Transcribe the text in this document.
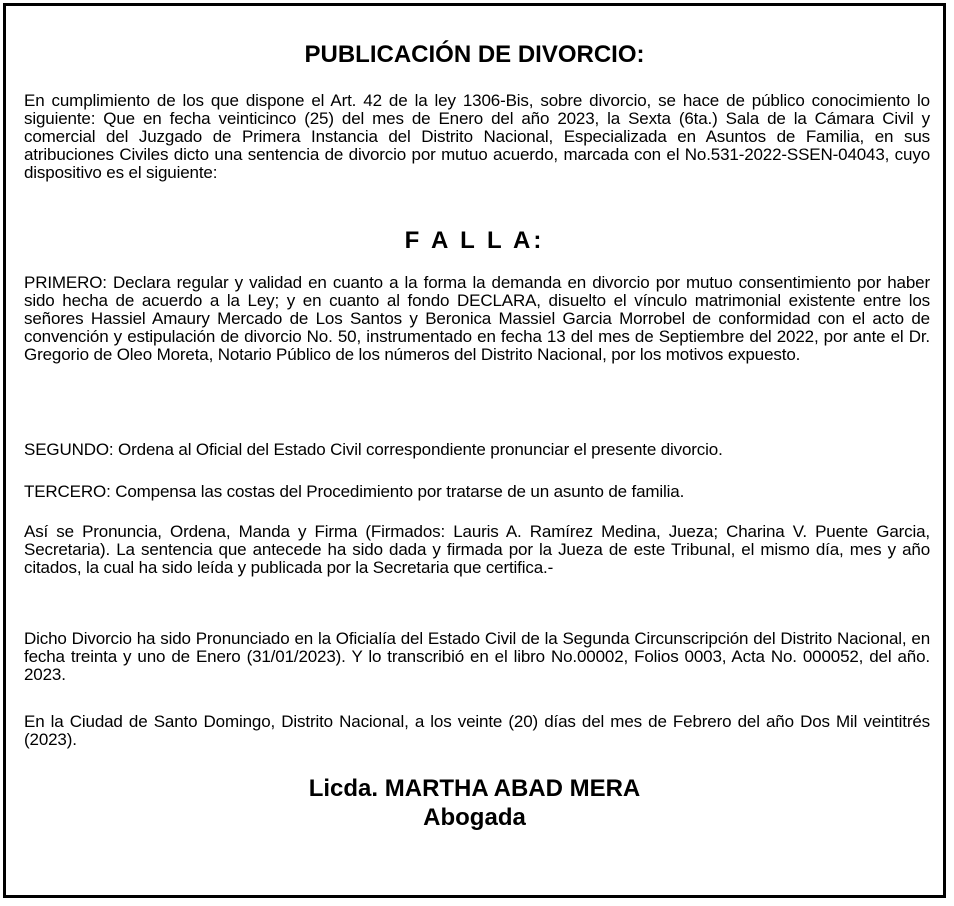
PUBLICACIÓN DE DIVORCIO:

En cumplimiento de los que dispone el Art. 42 de la ley 1306-Bis, sobre divorcio, se hace de público conocimiento lo siguiente: Que en fecha veinticinco (25) del mes de Enero del año 2023, la Sexta (6ta.) Sala de la Cámara Civil y comercial del Juzgado de Primera Instancia del Distrito Nacional, Especializada en Asuntos de Familia, en sus atribuciones Civiles dicto una sentencia de divorcio por mutuo acuerdo, marcada con el No.531-2022-SSEN-04043, cuyo dispositivo es el siguiente:

F A L L A:

PRIMERO: Declara regular y validad en cuanto a la forma la demanda en divorcio por mutuo consentimiento por haber sido hecha de acuerdo a la Ley; y en cuanto al fondo DECLARA, disuelto el vínculo matrimonial existente entre los señores Hassiel Amaury Mercado de Los Santos y Beronica Massiel Garcia Morrobel de conformidad con el acto de convención y estipulación de divorcio No. 50, instrumentado en fecha 13 del mes de Septiembre del 2022, por ante el Dr. Gregorio de Oleo Moreta, Notario Público de los números del Distrito Nacional, por los motivos expuesto.

SEGUNDO: Ordena al Oficial del Estado Civil correspondiente pronunciar el presente divorcio.

TERCERO: Compensa las costas del Procedimiento por tratarse de un asunto de familia.

Así se Pronuncia, Ordena, Manda y Firma (Firmados: Lauris A. Ramírez Medina, Jueza; Charina V. Puente Garcia, Secretaria). La sentencia que antecede ha sido dada y firmada por la Jueza de este Tribunal, el mismo día, mes y año citados, la cual ha sido leída y publicada por la Secretaria que certifica.-

Dicho Divorcio ha sido Pronunciado en la Oficialía del Estado Civil de la Segunda Circunscripción del Distrito Nacional, en fecha treinta y uno de Enero (31/01/2023). Y lo transcribió en el libro No.00002, Folios 0003, Acta No. 000052, del año. 2023.

En la Ciudad de Santo Domingo, Distrito Nacional, a los veinte (20) días del mes de Febrero del año Dos Mil veintitrés (2023).

Licda. MARTHA ABAD MERA
Abogada
